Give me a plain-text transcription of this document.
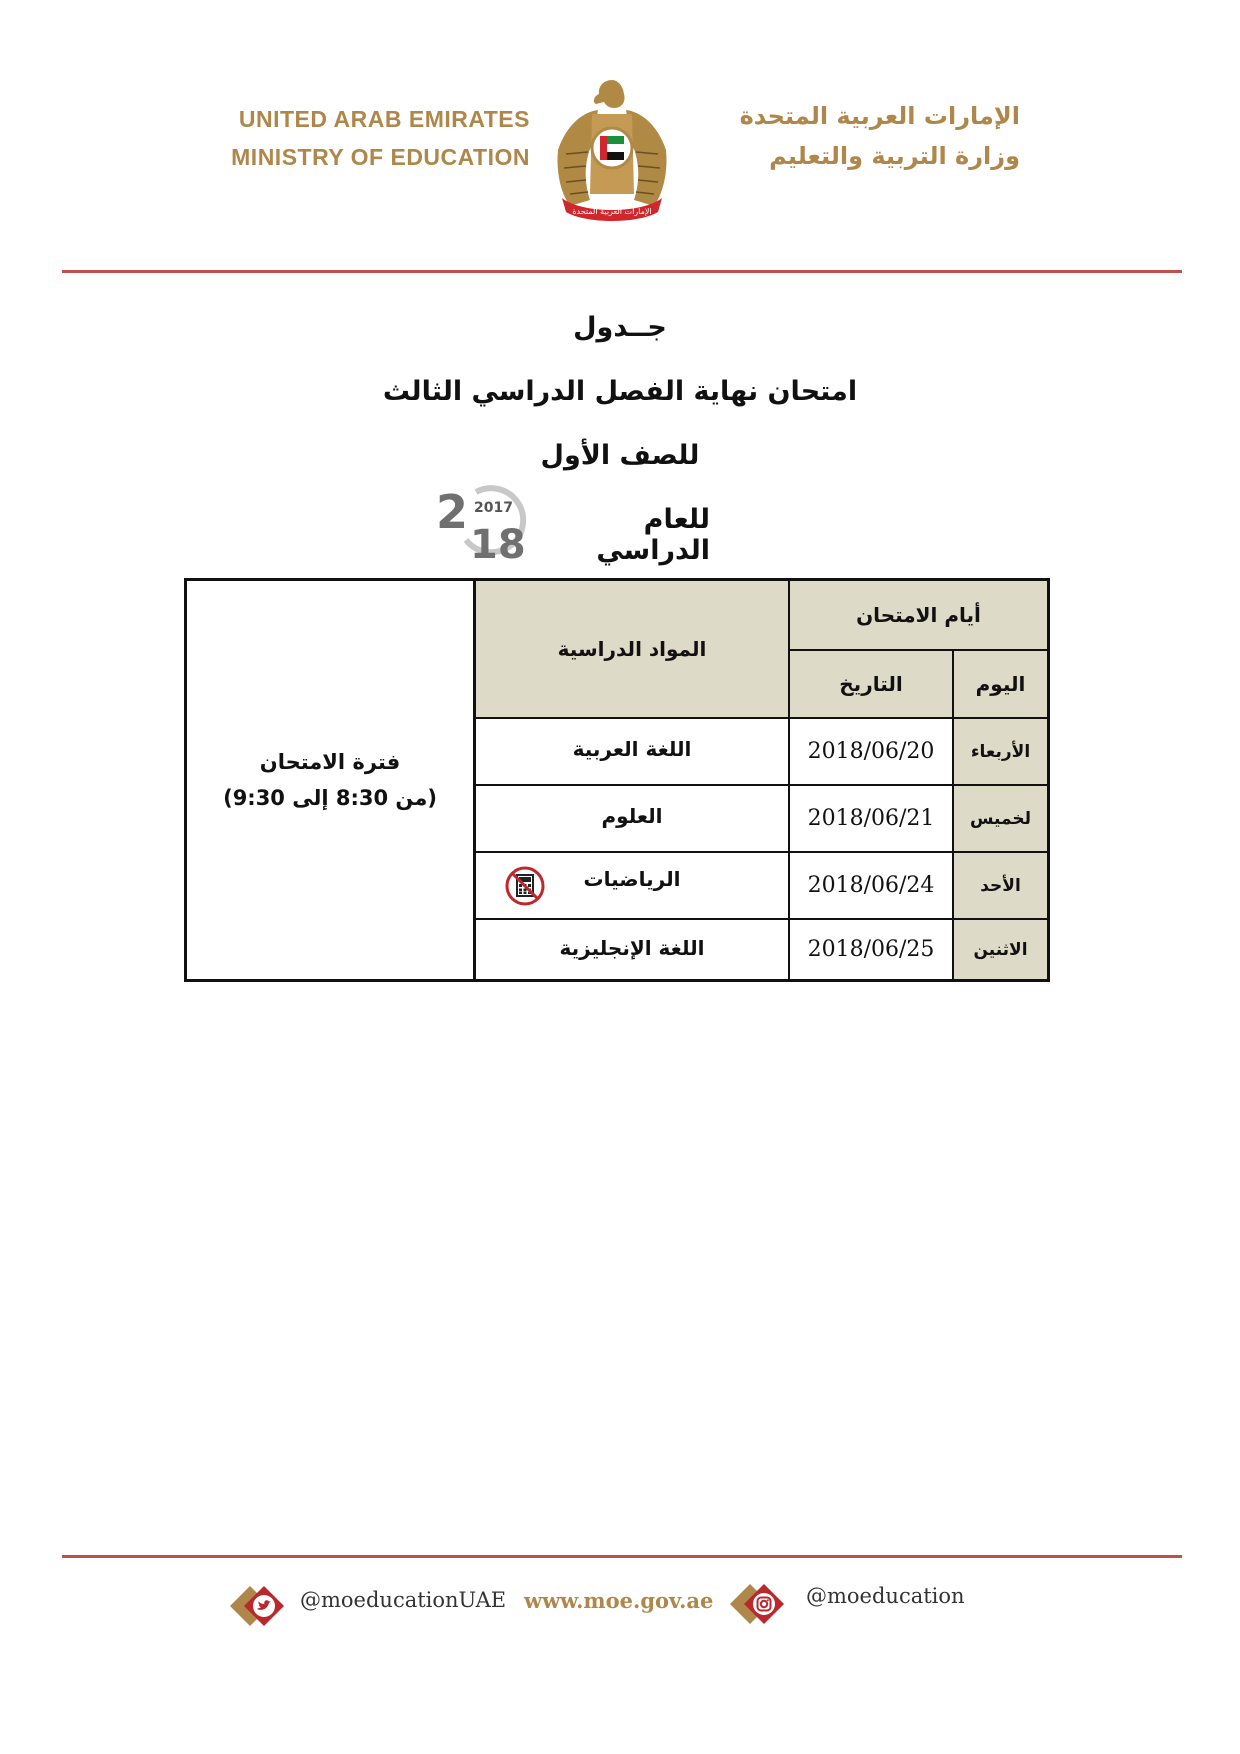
UNITED ARAB EMIRATES
MINISTRY OF EDUCATION
الإمارات العربية المتحدة
الإمارات العربية المتحدة
وزارة التربية والتعليم
جــدول
امتحان نهاية الفصل الدراسي الثالث
للصف الأول
للعام الدراسي
2 2017
18
المواد الدراسية
أيام الامتحان
التاريخ	اليوم
الأربعاء
لخميس
الأحد
الاثنين
2018/06/20
2018/06/21
2018/06/24
2018/06/25
اللغة العربية
العلوم
الرياضيات
اللغة الإنجليزية
فترة الامتحان
(من 8:30 إلى 9:30)
@moeducationUAE www.moe.gov.ae	@moeducation
